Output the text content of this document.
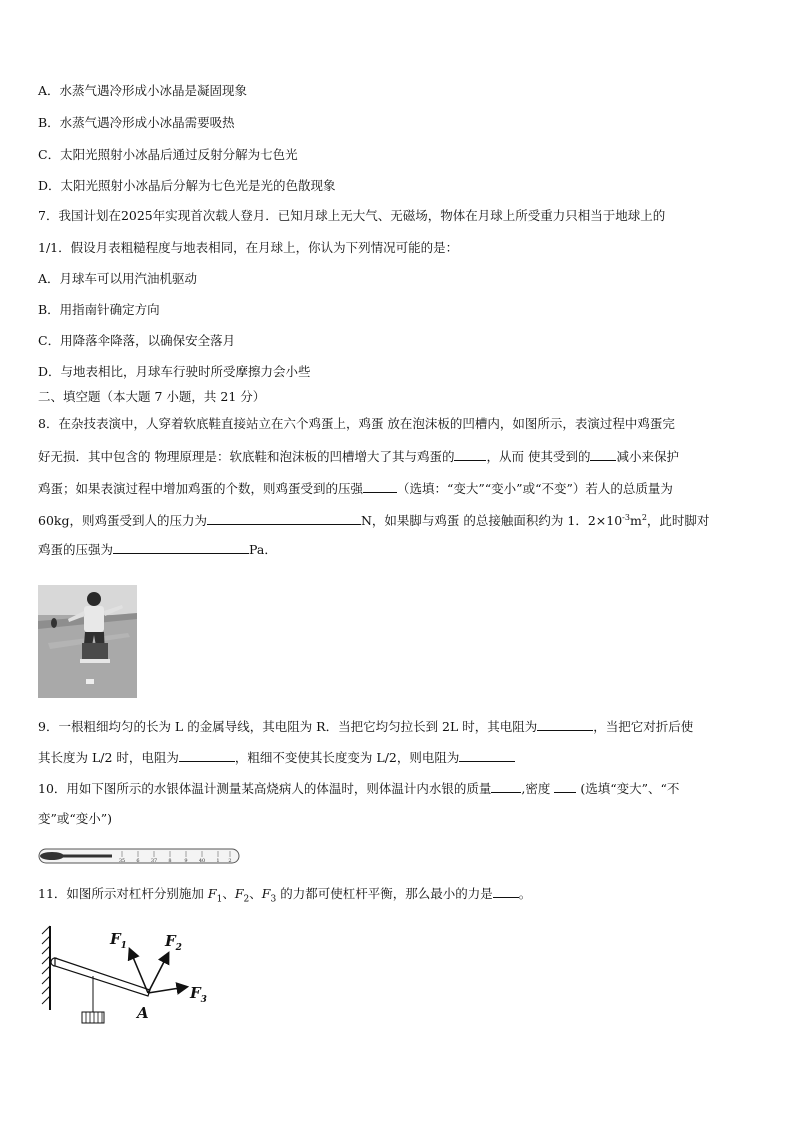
A．水蒸气遇冷形成小冰晶是凝固现象
B．水蒸气遇冷形成小冰晶需要吸热
C．太阳光照射小冰晶后通过反射分解为七色光
D．太阳光照射小冰晶后分解为七色光是光的色散现象
7．我国计划在2025年实现首次载人登月．已知月球上无大气、无磁场，物体在月球上所受重力只相当于地球上的
1/1．假设月表粗糙程度与地表相同，在月球上，你认为下列情况可能的是：
A．月球车可以用汽油机驱动
B．用指南针确定方向
C．用降落伞降落，以确保安全落月
D．与地表相比，月球车行驶时所受摩擦力会小些
二、填空题（本大题 7 小题，共 21 分）
8．在杂技表演中，人穿着软底鞋直接站立在六个鸡蛋上，鸡蛋 放在泡沫板的凹槽内，如图所示，表演过程中鸡蛋完
好无损．其中包含的 物理原理是：软底鞋和泡沫板的凹槽增大了其与鸡蛋的	，从而 使其受到的 减小来保护
鸡蛋；如果表演过程中增加鸡蛋的个数，则鸡蛋受到的压强	（选填：“变大”“变小”或“不变”）若人的总质量为
60kg，则鸡蛋受到人的压力为	N，如果脚与鸡蛋 的总接触面积约为 1．$2\times 10^{-3}m^2$，此时脚对
鸡蛋的压强为	Pa．
9．一根粗细均匀的长为 L 的金属导线，其电阻为 R．当把它均匀拉长到 2L 时，其电阻为	，当把它对折后使
其长度为 L/2 时，电阻为	，粗细不变使其长度变为 L/2，则电阻为
10．用如下图所示的水银体温计测量某高烧病人的体温时，则体温计内水银的质量 ,密度 (选填“变大”、“不
变”或“变小”)
35 6 37 8	9 40 1 2
11．如图所示对杠杆分别施加 $F_1$、$F_2$、$F_3$ 的力都可使杠杆平衡，那么最小的力是 。
$F_1$	$F_2$
$F_3$
A
